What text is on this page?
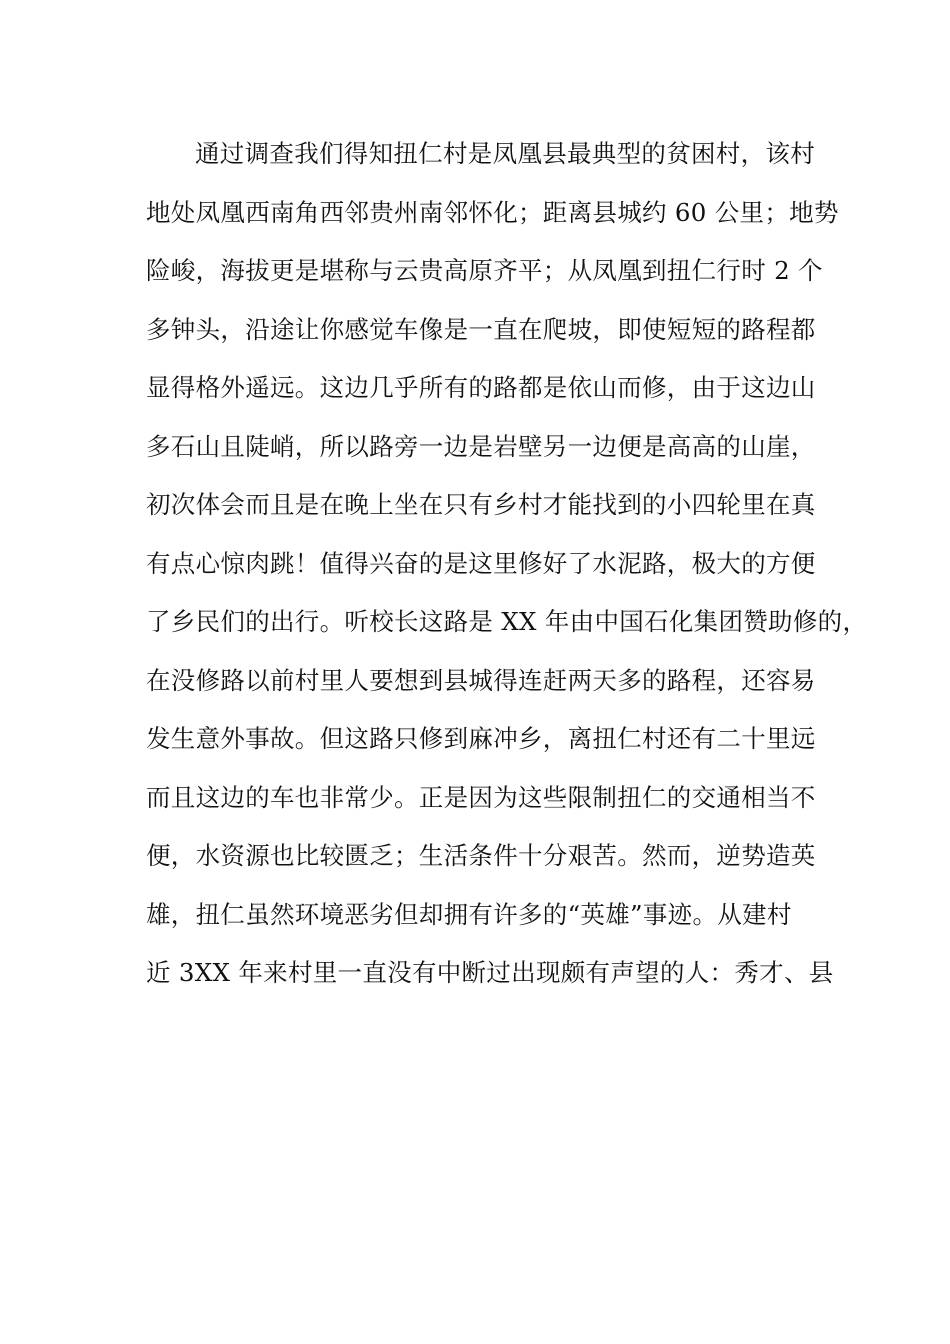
通过调查我们得知扭仁村是凤凰县最典型的贫困村，该村
地处凤凰西南角西邻贵州南邻怀化；距离县城约 60 公里；地势
险峻，海拔更是堪称与云贵高原齐平；从凤凰到扭仁行时 2 个
多钟头，沿途让你感觉车像是一直在爬坡，即使短短的路程都
显得格外遥远。这边几乎所有的路都是依山而修，由于这边山
多石山且陡峭，所以路旁一边是岩壁另一边便是高高的山崖，
初次体会而且是在晚上坐在只有乡村才能找到的小四轮里在真
有点心惊肉跳！值得兴奋的是这里修好了水泥路，极大的方便
了乡民们的出行。听校长这路是 XX 年由中国石化集团赞助修的，
在没修路以前村里人要想到县城得连赶两天多的路程，还容易
发生意外事故。但这路只修到麻冲乡，离扭仁村还有二十里远
而且这边的车也非常少。正是因为这些限制扭仁的交通相当不
便，水资源也比较匮乏；生活条件十分艰苦。然而，逆势造英
雄，扭仁虽然环境恶劣但却拥有许多的“英雄”事迹。从建村
近 3XX 年来村里一直没有中断过出现颇有声望的人：秀才、县
